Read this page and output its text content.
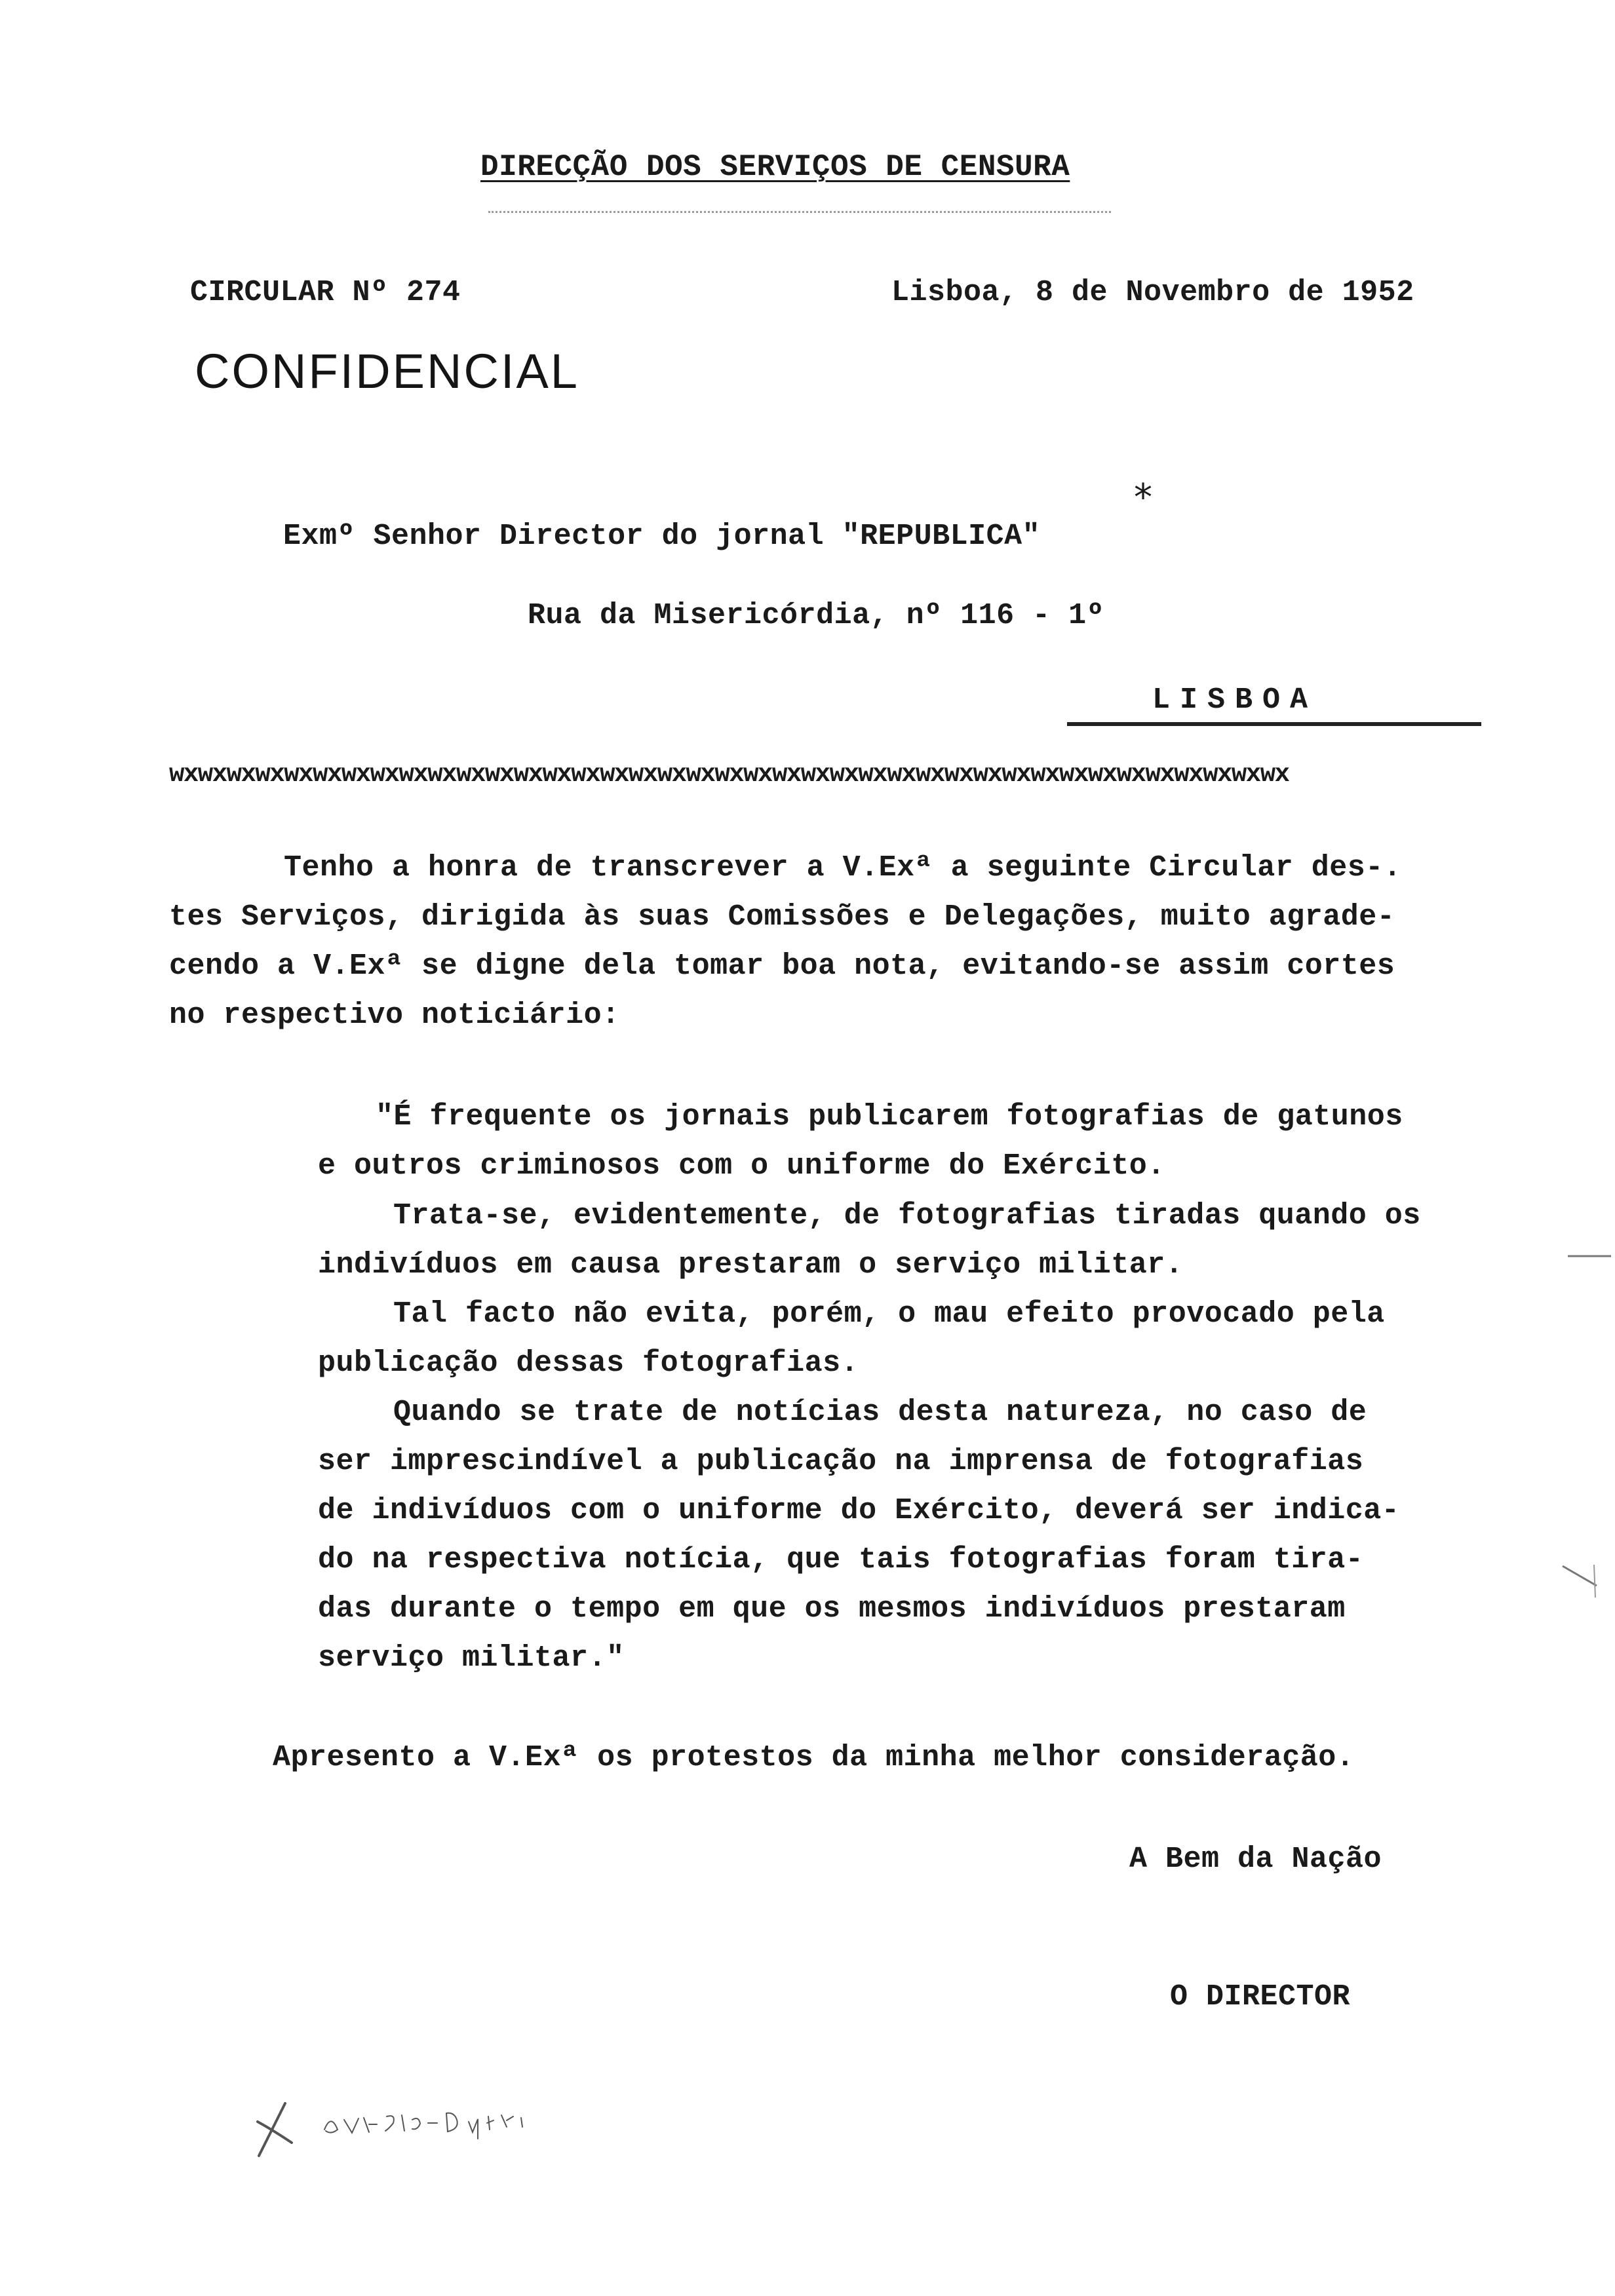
DIRECÇÃO DOS SERVIÇOS DE CENSURA
CIRCULAR Nº 274	Lisboa, 8 de Novembro de 1952
CONFIDENCIAL
Exmº Senhor Director do jornal "REPUBLICA"
*
Rua da Misericórdia, nº 116 - 1º
LISBOA
wxwxwxwxwxwxwxwxwxwxwxwxwxwxwxwxwxwxwxwxwxwxwxwxwxwxwxwxwxwxwxwxwxwxwxwxwxwxwx
Tenho a honra de transcrever a V.Exª a seguinte Circular des-.
tes Serviços, dirigida às suas Comissões e Delegações, muito agrade-
cendo a V.Exª se digne dela tomar boa nota, evitando-se assim cortes
no respectivo noticiário:
"É frequente os jornais publicarem fotografias de gatunos
e outros criminosos com o uniforme do Exército.
Trata-se, evidentemente, de fotografias tiradas quando os
indivíduos em causa prestaram o serviço militar.
Tal facto não evita, porém, o mau efeito provocado pela
publicação dessas fotografias.
Quando se trate de notícias desta natureza, no caso de
ser imprescindível a publicação na imprensa de fotografias
de indivíduos com o uniforme do Exército, deverá ser indica-
do na respectiva notícia, que tais fotografias foram tira-
das durante o tempo em que os mesmos indivíduos prestaram
serviço militar."
Apresento a V.Exª os protestos da minha melhor consideração.
A Bem da Nação
O DIRECTOR
